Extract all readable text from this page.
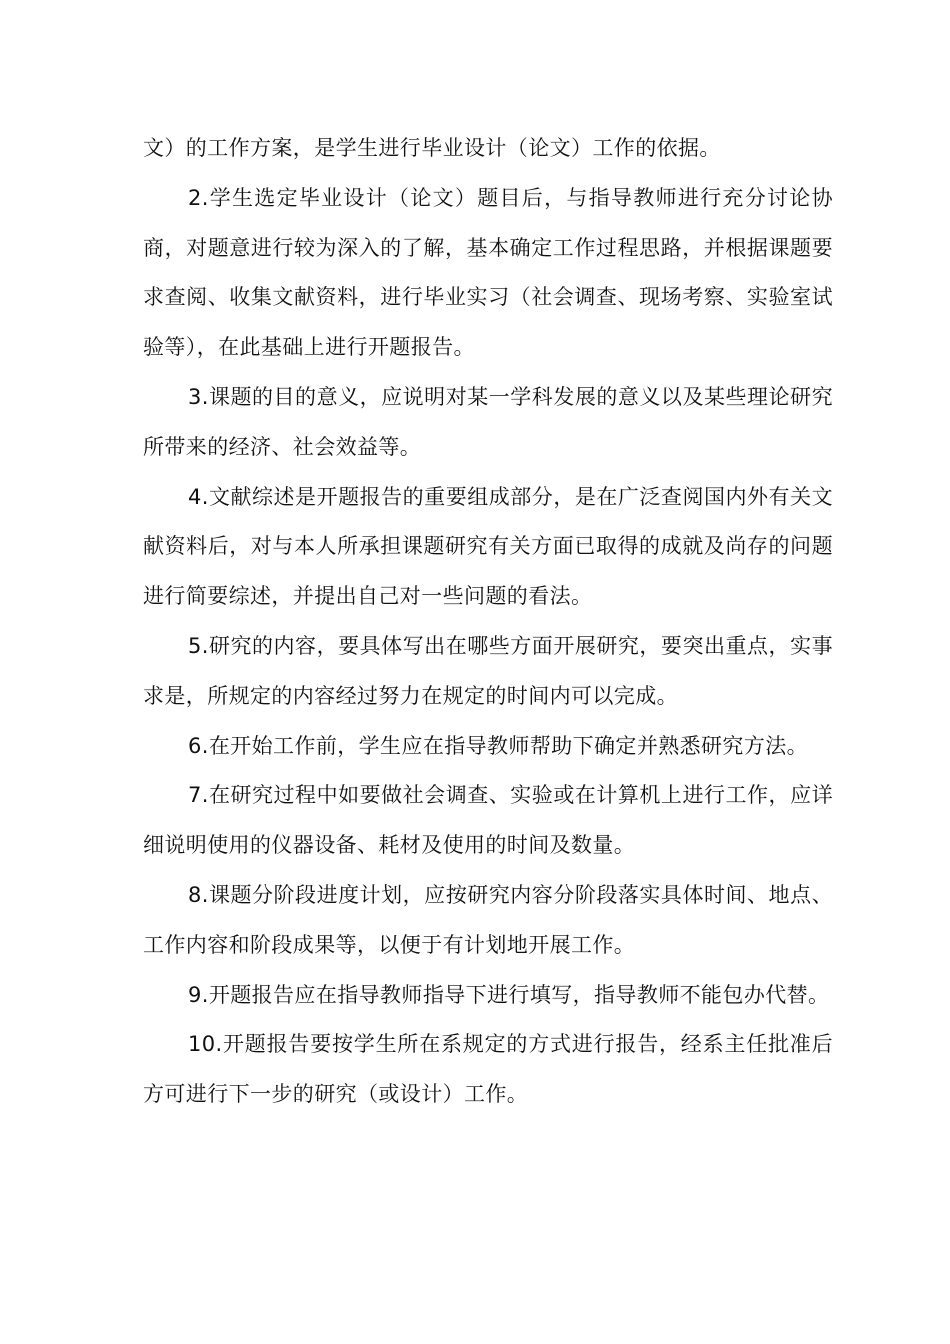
文）的工作方案，是学生进行毕业设计（论文）工作的依据。

2.学生选定毕业设计（论文）题目后，与指导教师进行充分讨论协商，对题意进行较为深入的了解，基本确定工作过程思路，并根据课题要求查阅、收集文献资料，进行毕业实习（社会调查、现场考察、实验室试验等），在此基础上进行开题报告。

3.课题的目的意义，应说明对某一学科发展的意义以及某些理论研究所带来的经济、社会效益等。

4.文献综述是开题报告的重要组成部分，是在广泛查阅国内外有关文献资料后，对与本人所承担课题研究有关方面已取得的成就及尚存的问题进行简要综述，并提出自己对一些问题的看法。

5.研究的内容，要具体写出在哪些方面开展研究，要突出重点，实事求是，所规定的内容经过努力在规定的时间内可以完成。

6.在开始工作前，学生应在指导教师帮助下确定并熟悉研究方法。

7.在研究过程中如要做社会调查、实验或在计算机上进行工作，应详细说明使用的仪器设备、耗材及使用的时间及数量。

8.课题分阶段进度计划，应按研究内容分阶段落实具体时间、地点、工作内容和阶段成果等，以便于有计划地开展工作。

9.开题报告应在指导教师指导下进行填写，指导教师不能包办代替。

10.开题报告要按学生所在系规定的方式进行报告，经系主任批准后方可进行下一步的研究（或设计）工作。
